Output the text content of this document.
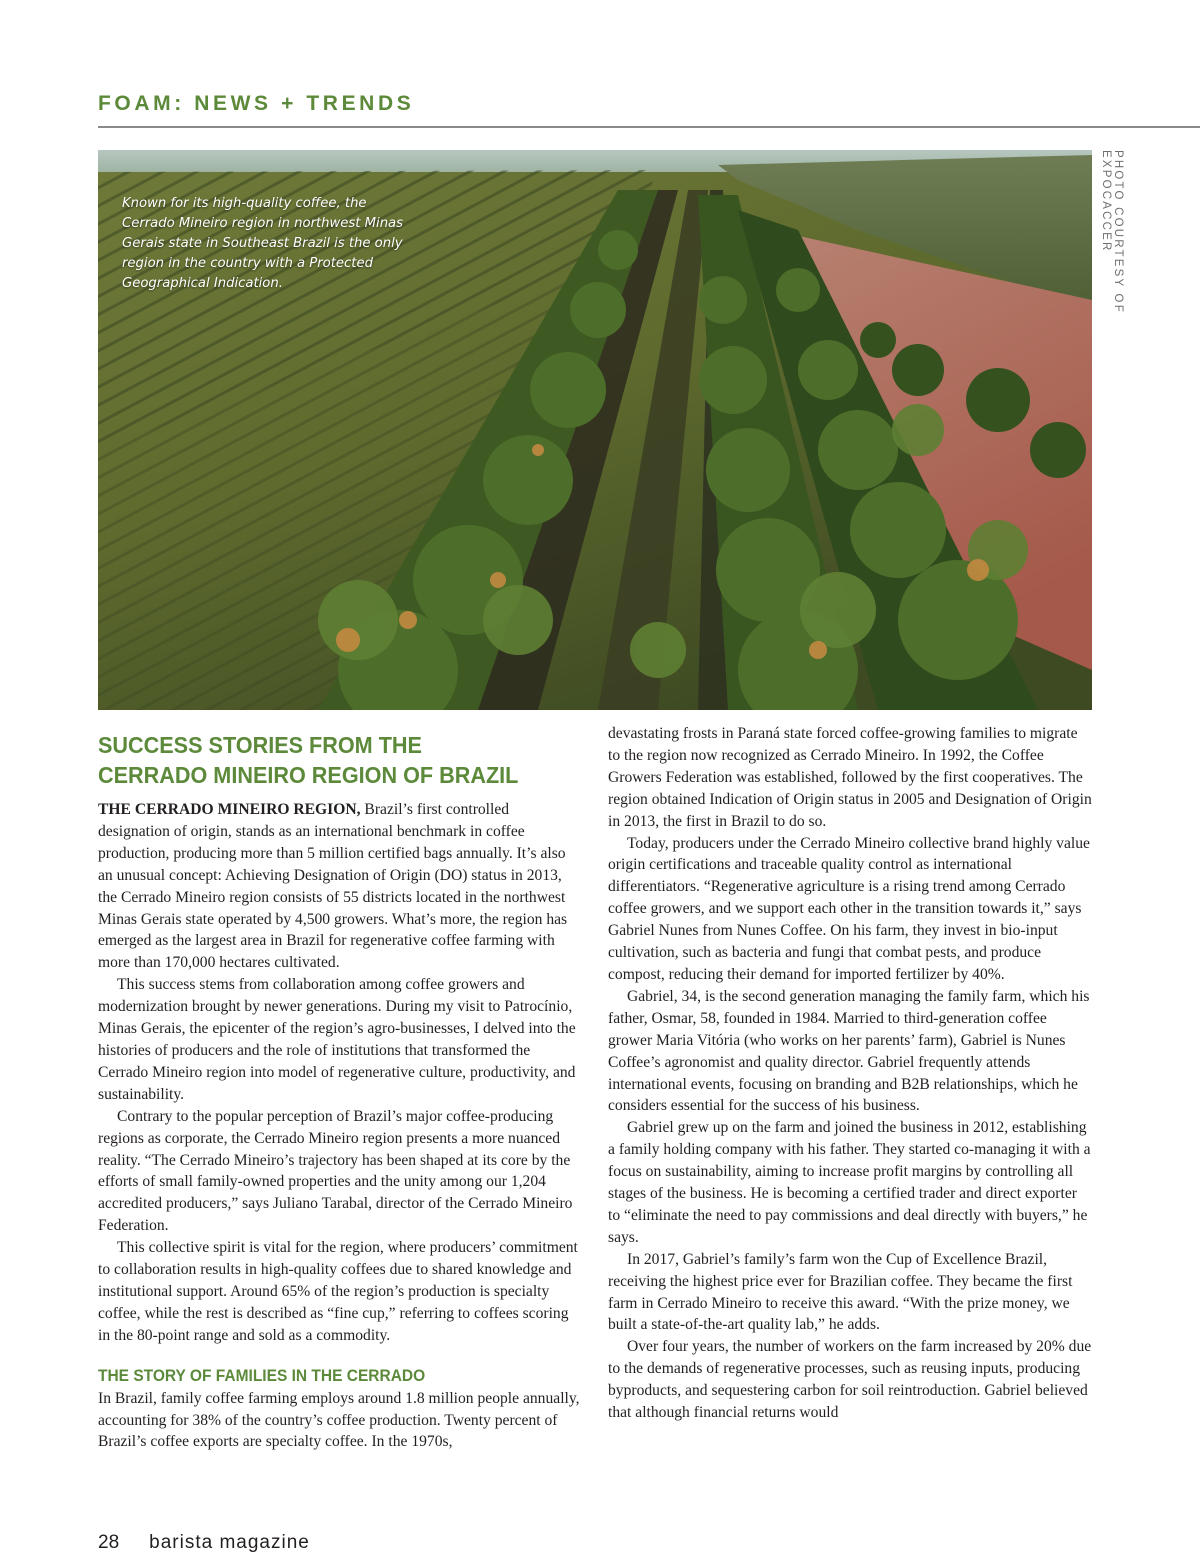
FOAM: NEWS + TRENDS
Known for its high-quality coffee, the Cerrado Mineiro region in northwest Minas Gerais state in Southeast Brazil is the only region in the country with a Protected Geographical Indication.	PHOTO COURTESY OF EXPOCACCER
SUCCESS STORIES FROM THE
CERRADO MINEIRO REGION OF BRAZIL

THE CERRADO MINEIRO REGION, Brazil’s first controlled designation of origin, stands as an international benchmark in coffee production, producing more than 5 million certified bags annually. It’s also an unusual concept: Achieving Designation of Origin (DO) status in 2013, the Cerrado Mineiro region consists of 55 districts located in the northwest Minas Gerais state operated by 4,500 growers. What’s more, the region has emerged as the largest area in Brazil for regenerative coffee farming with more than 170,000 hectares cultivated.

This success stems from collaboration among coffee growers and modernization brought by newer generations. During my visit to Patrocínio, Minas Gerais, the epicenter of the region’s agro-businesses, I delved into the histories of producers and the role of institutions that transformed the Cerrado Mineiro region into model of regenerative culture, productivity, and sustainability.

Contrary to the popular perception of Brazil’s major coffee-producing regions as corporate, the Cerrado Mineiro region presents a more nuanced reality. “The Cerrado Mineiro’s trajectory has been shaped at its core by the efforts of small family-owned properties and the unity among our 1,204 accredited producers,” says Juliano Tarabal, director of the Cerrado Mineiro Federation.

This collective spirit is vital for the region, where producers’ commitment to collaboration results in high-quality coffees due to shared knowledge and institutional support. Around 65% of the region’s production is specialty coffee, while the rest is described as “fine cup,” referring to coffees scoring in the 80-point range and sold as a commodity.

THE STORY OF FAMILIES IN THE CERRADO

In Brazil, family coffee farming employs around 1.8 million people annually, accounting for 38% of the country’s coffee production. Twenty percent of Brazil’s coffee exports are specialty coffee. In the 1970s,

devastating frosts in Paraná state forced coffee-growing families to migrate to the region now recognized as Cerrado Mineiro. In 1992, the Coffee Growers Federation was established, followed by the first cooperatives. The region obtained Indication of Origin status in 2005 and Designation of Origin in 2013, the first in Brazil to do so.

Today, producers under the Cerrado Mineiro collective brand highly value origin certifications and traceable quality control as international differentiators. “Regenerative agriculture is a rising trend among Cerrado coffee growers, and we support each other in the transition towards it,” says Gabriel Nunes from Nunes Coffee. On his farm, they invest in bio-input cultivation, such as bacteria and fungi that combat pests, and produce compost, reducing their demand for imported fertilizer by 40%.

Gabriel, 34, is the second generation managing the family farm, which his father, Osmar, 58, founded in 1984. Married to third-generation coffee grower Maria Vitória (who works on her parents’ farm), Gabriel is Nunes Coffee’s agronomist and quality director. Gabriel frequently attends international events, focusing on branding and B2B relationships, which he considers essential for the success of his business.

Gabriel grew up on the farm and joined the business in 2012, establishing a family holding company with his father. They started co-managing it with a focus on sustainability, aiming to increase profit margins by controlling all stages of the business. He is becoming a certified trader and direct exporter to “eliminate the need to pay commissions and deal directly with buyers,” he says.

In 2017, Gabriel’s family’s farm won the Cup of Excellence Brazil, receiving the highest price ever for Brazilian coffee. They became the first farm in Cerrado Mineiro to receive this award. “With the prize money, we built a state-of-the-art quality lab,” he adds.

Over four years, the number of workers on the farm increased by 20% due to the demands of regenerative processes, such as reusing inputs, producing byproducts, and sequestering carbon for soil reintroduction. Gabriel believed that although financial returns would

28 barista magazine
